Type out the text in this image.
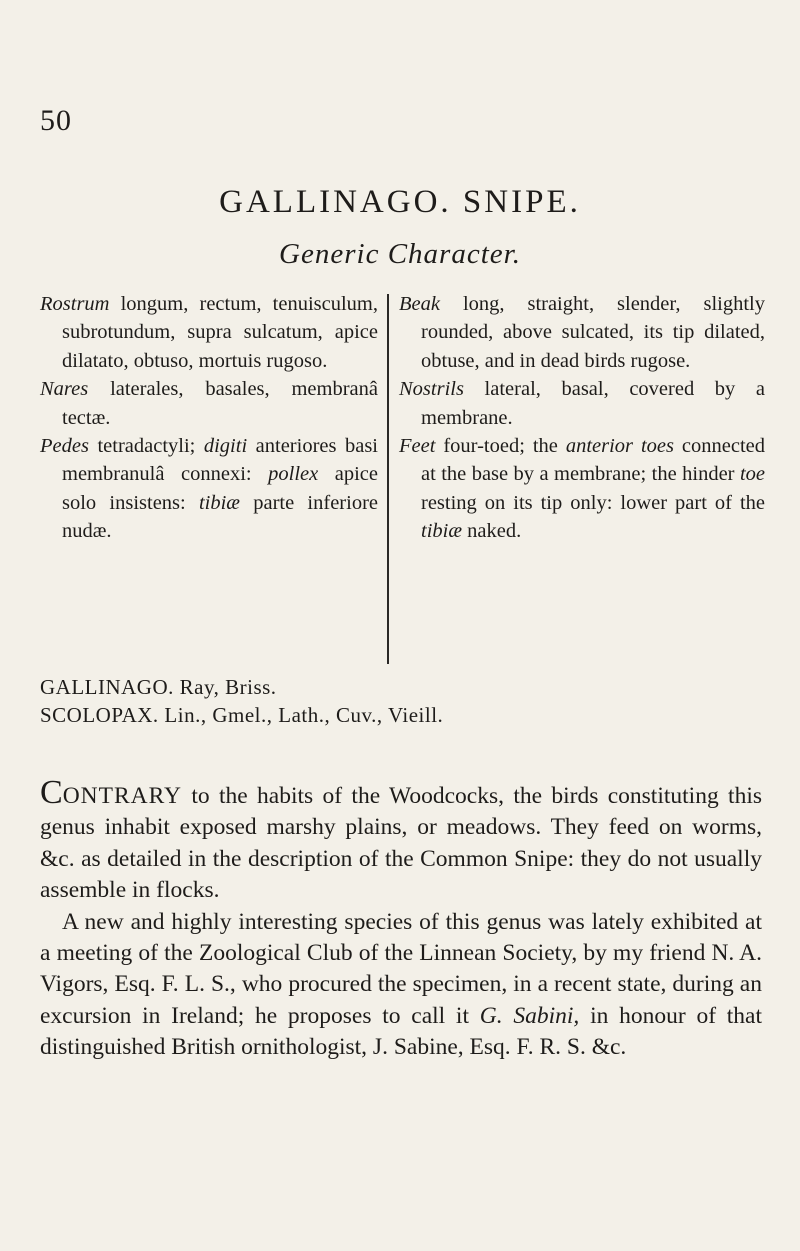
50
GALLINAGO. SNIPE.
Generic Character.

Rostrum longum, rectum, tenuisculum, subrotundum, supra sulcatum, apice dilatato, obtuso, mortuis rugoso.

Nares laterales, basales, membranâ tectæ.

Pedes tetradactyli; digiti anteriores basi membranulâ connexi: pollex apice solo insistens: tibiæ parte inferiore nudæ.

Beak long, straight, slender, slightly rounded, above sulcated, its tip dilated, obtuse, and in dead birds rugose.

Nostrils lateral, basal, covered by a membrane.

Feet four-toed; the anterior toes connected at the base by a membrane; the hinder toe resting on its tip only: lower part of the tibiæ naked.

GALLINAGO. Ray, Briss.
SCOLOPAX. Lin., Gmel., Lath., Cuv., Vieill.

CONTRARY to the habits of the Woodcocks, the birds constituting this genus inhabit exposed marshy plains, or meadows. They feed on worms, &c. as detailed in the description of the Common Snipe: they do not usually assemble in flocks.

A new and highly interesting species of this genus was lately exhibited at a meeting of the Zoological Club of the Linnean Society, by my friend N. A. Vigors, Esq. F. L. S., who procured the specimen, in a recent state, during an excursion in Ireland; he proposes to call it G. Sabini, in honour of that distinguished British ornithologist, J. Sabine, Esq. F. R. S. &c.
